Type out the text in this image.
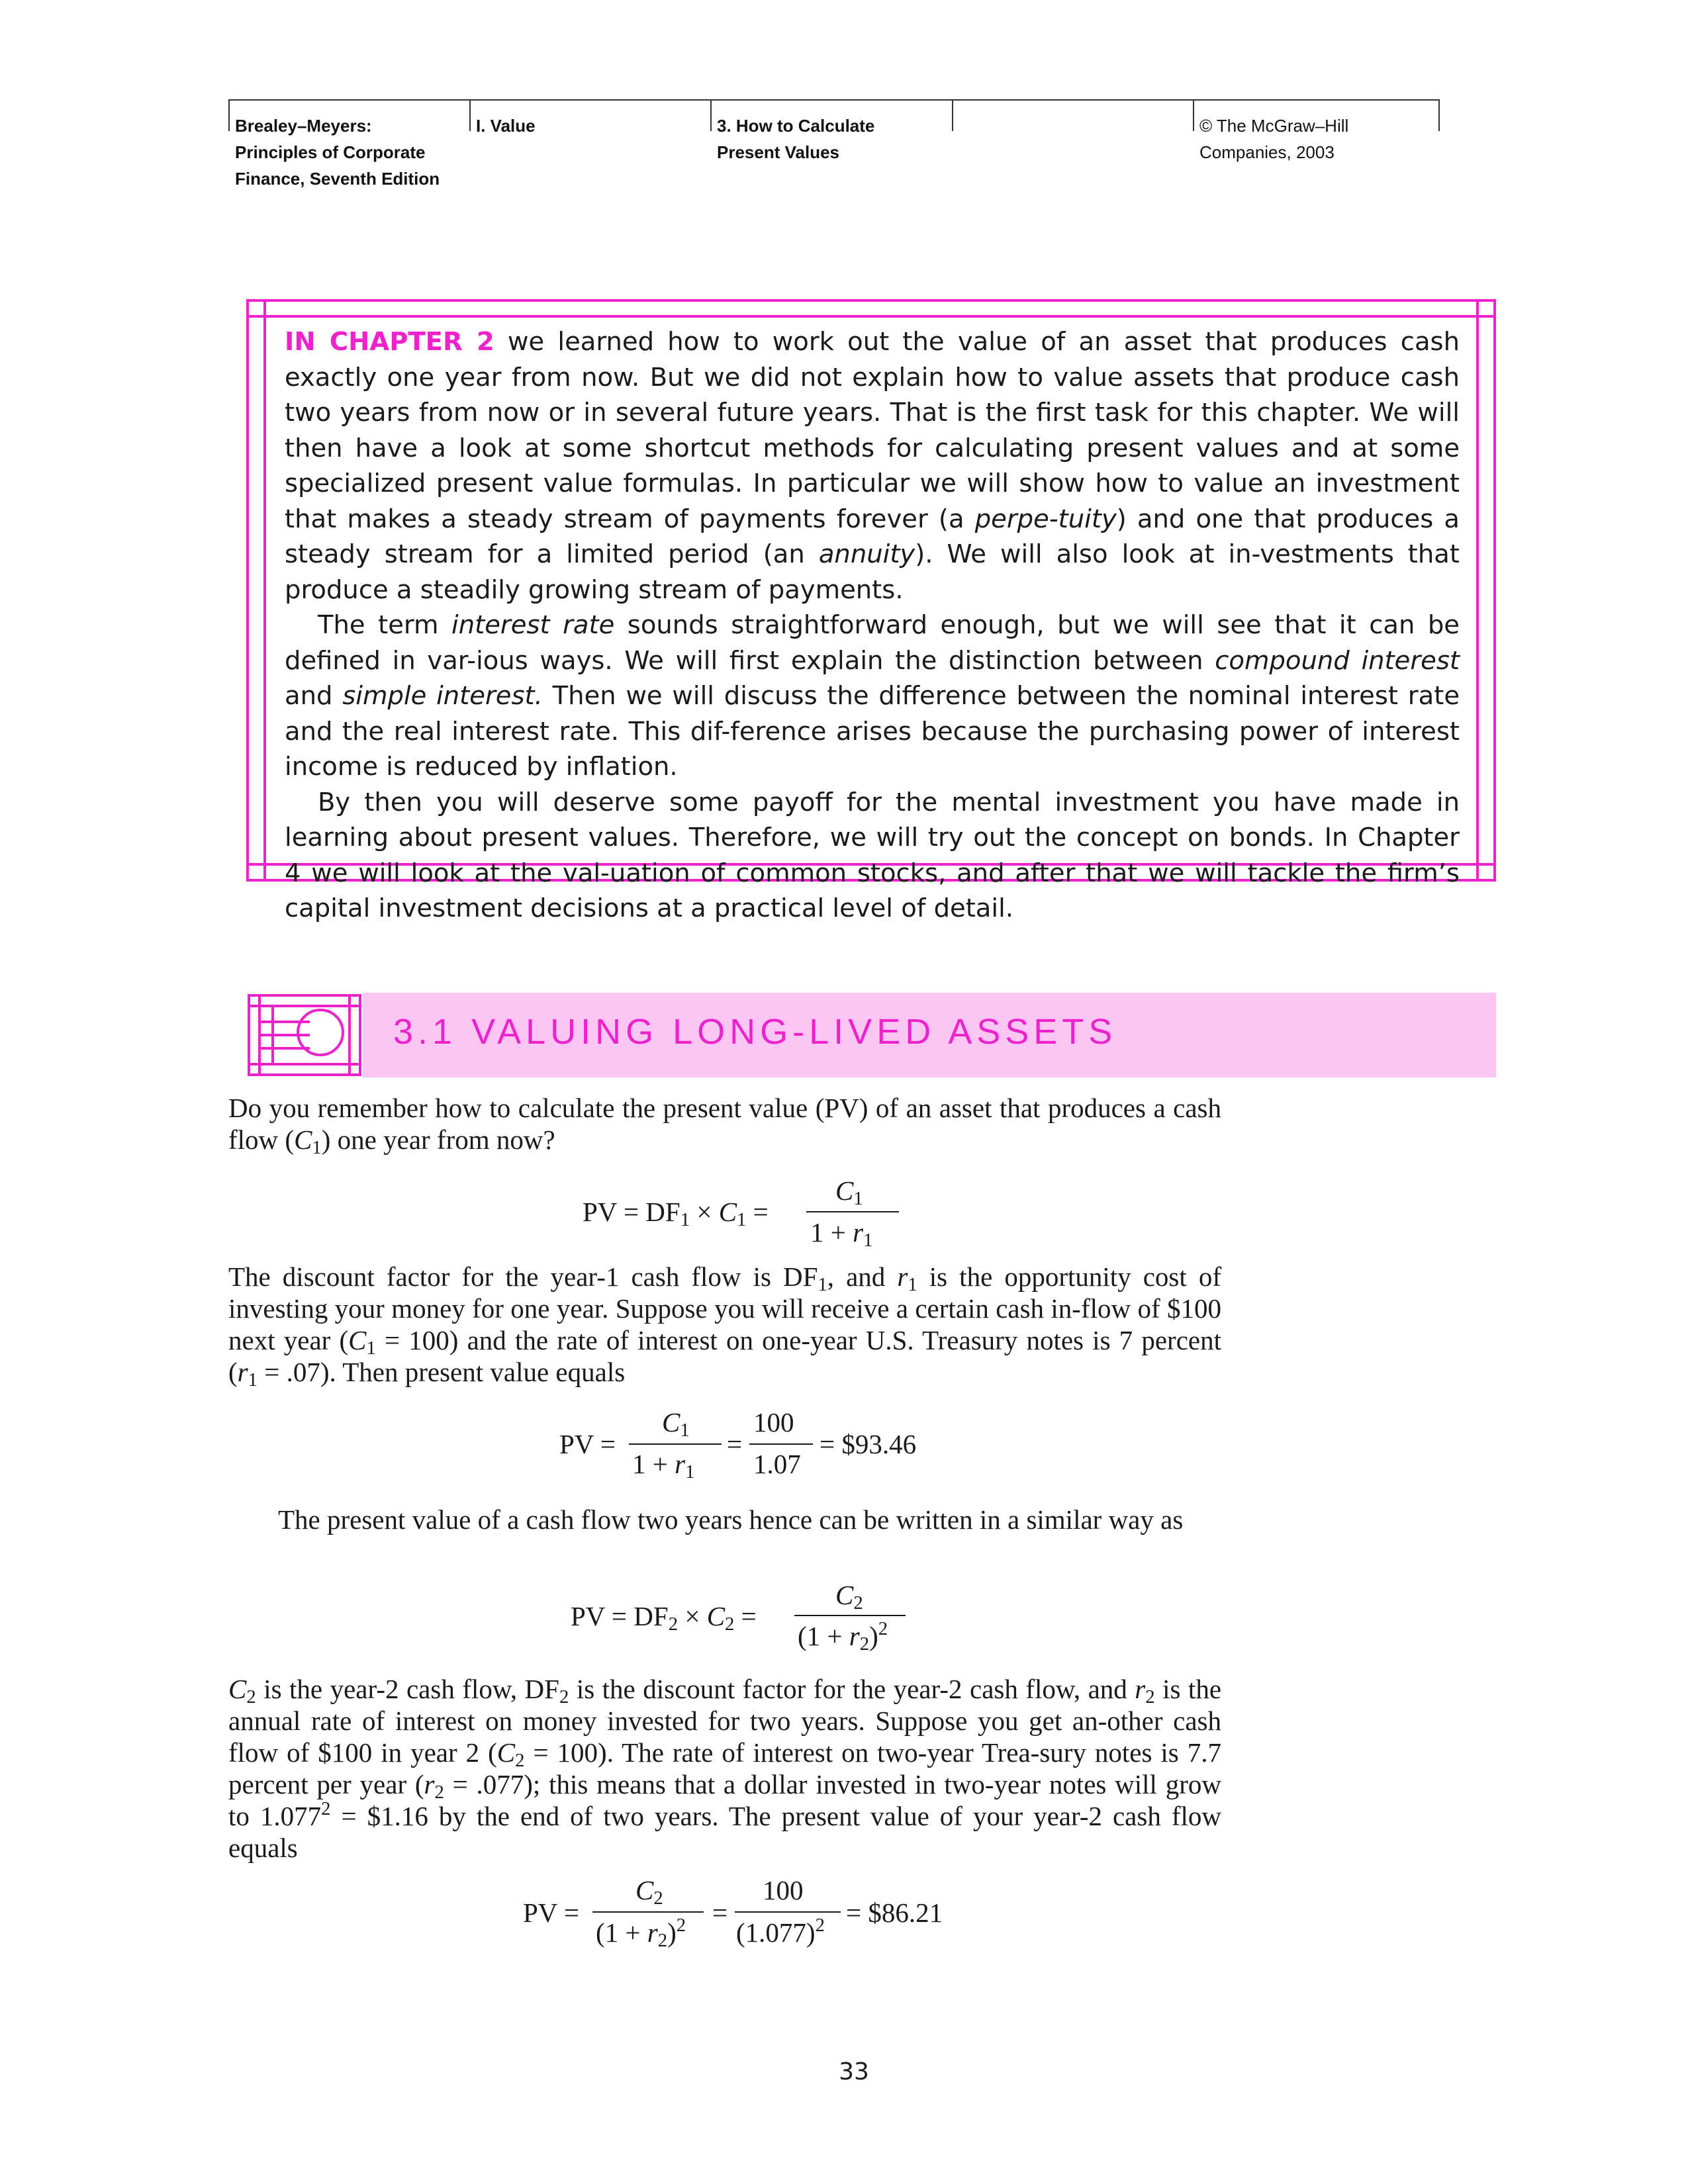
Brealey–Meyers:
Principles of Corporate
Finance, Seventh Edition
I. Value	3. How to Calculate
Present Values
© The McGraw–Hill
Companies, 2003

IN CHAPTER 2 we learned how to work out the value of an asset that produces cash exactly one year from now. But we did not explain how to value assets that produce cash two years from now or in several future years. That is the first task for this chapter. We will then have a look at some shortcut methods for calculating present values and at some specialized present value formulas. In particular we will show how to value an investment that makes a steady stream of payments forever (a perpe-tuity) and one that produces a steady stream for a limited period (an annuity). We will also look at in-vestments that produce a steadily growing stream of payments.

The term interest rate sounds straightforward enough, but we will see that it can be defined in var-ious ways. We will first explain the distinction between compound interest and simple interest. Then we will discuss the difference between the nominal interest rate and the real interest rate. This dif-ference arises because the purchasing power of interest income is reduced by inflation.

By then you will deserve some payoff for the mental investment you have made in learning about present values. Therefore, we will try out the concept on bonds. In Chapter 4 we will look at the val-uation of common stocks, and after that we will tackle the firm’s capital investment decisions at a practical level of detail.

3.1 VALUING LONG-LIVED ASSETS

Do you remember how to calculate the present value (PV) of an asset that produces a cash flow $(C_1)$ one year from now?

PV = $DF_1 \times C_1$ =
$C_1$
$1 + r_1$

The discount factor for the year-1 cash flow is $DF_1$, and $r_1$ is the opportunity cost of investing your money for one year. Suppose you will receive a certain cash in-flow of $100 next year $(C_1 = 100)$ and the rate of interest on one-year U.S. Treasury notes is 7 percent $(r_1 = .07)$. Then present value equals

PV =
$C_1$
$1 + r_1$
=
100
1.07
= $93.46

The present value of a cash flow two years hence can be written in a similar way as

PV = $DF_2 \times C_2$ =
$C_2$
$(1 + r_2)^2$

$C_2$ is the year-2 cash flow, $DF_2$ is the discount factor for the year-2 cash flow, and $r_2$ is the annual rate of interest on money invested for two years. Suppose you get an-other cash flow of $100 in year 2 $(C_2 = 100)$. The rate of interest on two-year Trea-sury notes is 7.7 percent per year $(r_2 = .077)$; this means that a dollar invested in two-year notes will grow to $1.077^2$ = $1.16 by the end of two years. The present value of your year-2 cash flow equals

PV =
$C_2$
$(1 + r_2)^2$ =
100
$(1.077)^2$ = $86.21
33
